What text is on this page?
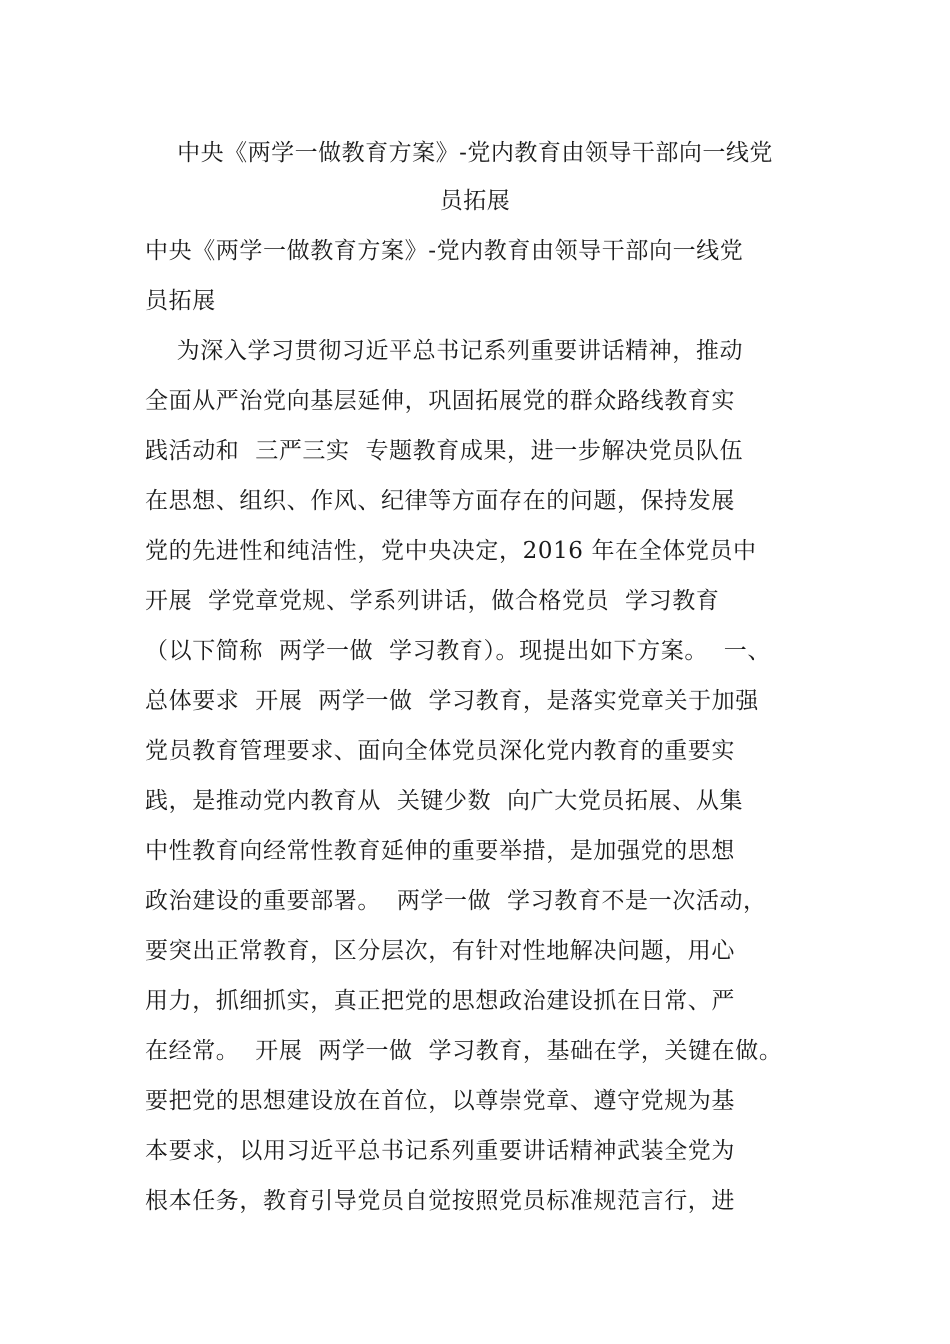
中央《两学一做教育方案》-党内教育由领导干部向一线党
员拓展
中央《两学一做教育方案》-党内教育由领导干部向一线党
员拓展
为深入学习贯彻习近平总书记系列重要讲话精神，推动
全面从严治党向基层延伸，巩固拓展党的群众路线教育实
践活动和  三严三实  专题教育成果，进一步解决党员队伍
在思想、组织、作风、纪律等方面存在的问题，保持发展
党的先进性和纯洁性，党中央决定，2016 年在全体党员中
开展  学党章党规、学系列讲话，做合格党员  学习教育
（以下简称  两学一做  学习教育）。现提出如下方案。  一、
总体要求  开展  两学一做  学习教育，是落实党章关于加强
党员教育管理要求、面向全体党员深化党内教育的重要实
践，是推动党内教育从  关键少数  向广大党员拓展、从集
中性教育向经常性教育延伸的重要举措，是加强党的思想
政治建设的重要部署。  两学一做  学习教育不是一次活动，
要突出正常教育，区分层次，有针对性地解决问题，用心
用力，抓细抓实，真正把党的思想政治建设抓在日常、严
在经常。  开展  两学一做  学习教育，基础在学，关键在做。
要把党的思想建设放在首位，以尊崇党章、遵守党规为基
本要求，以用习近平总书记系列重要讲话精神武装全党为
根本任务，教育引导党员自觉按照党员标准规范言行，进
